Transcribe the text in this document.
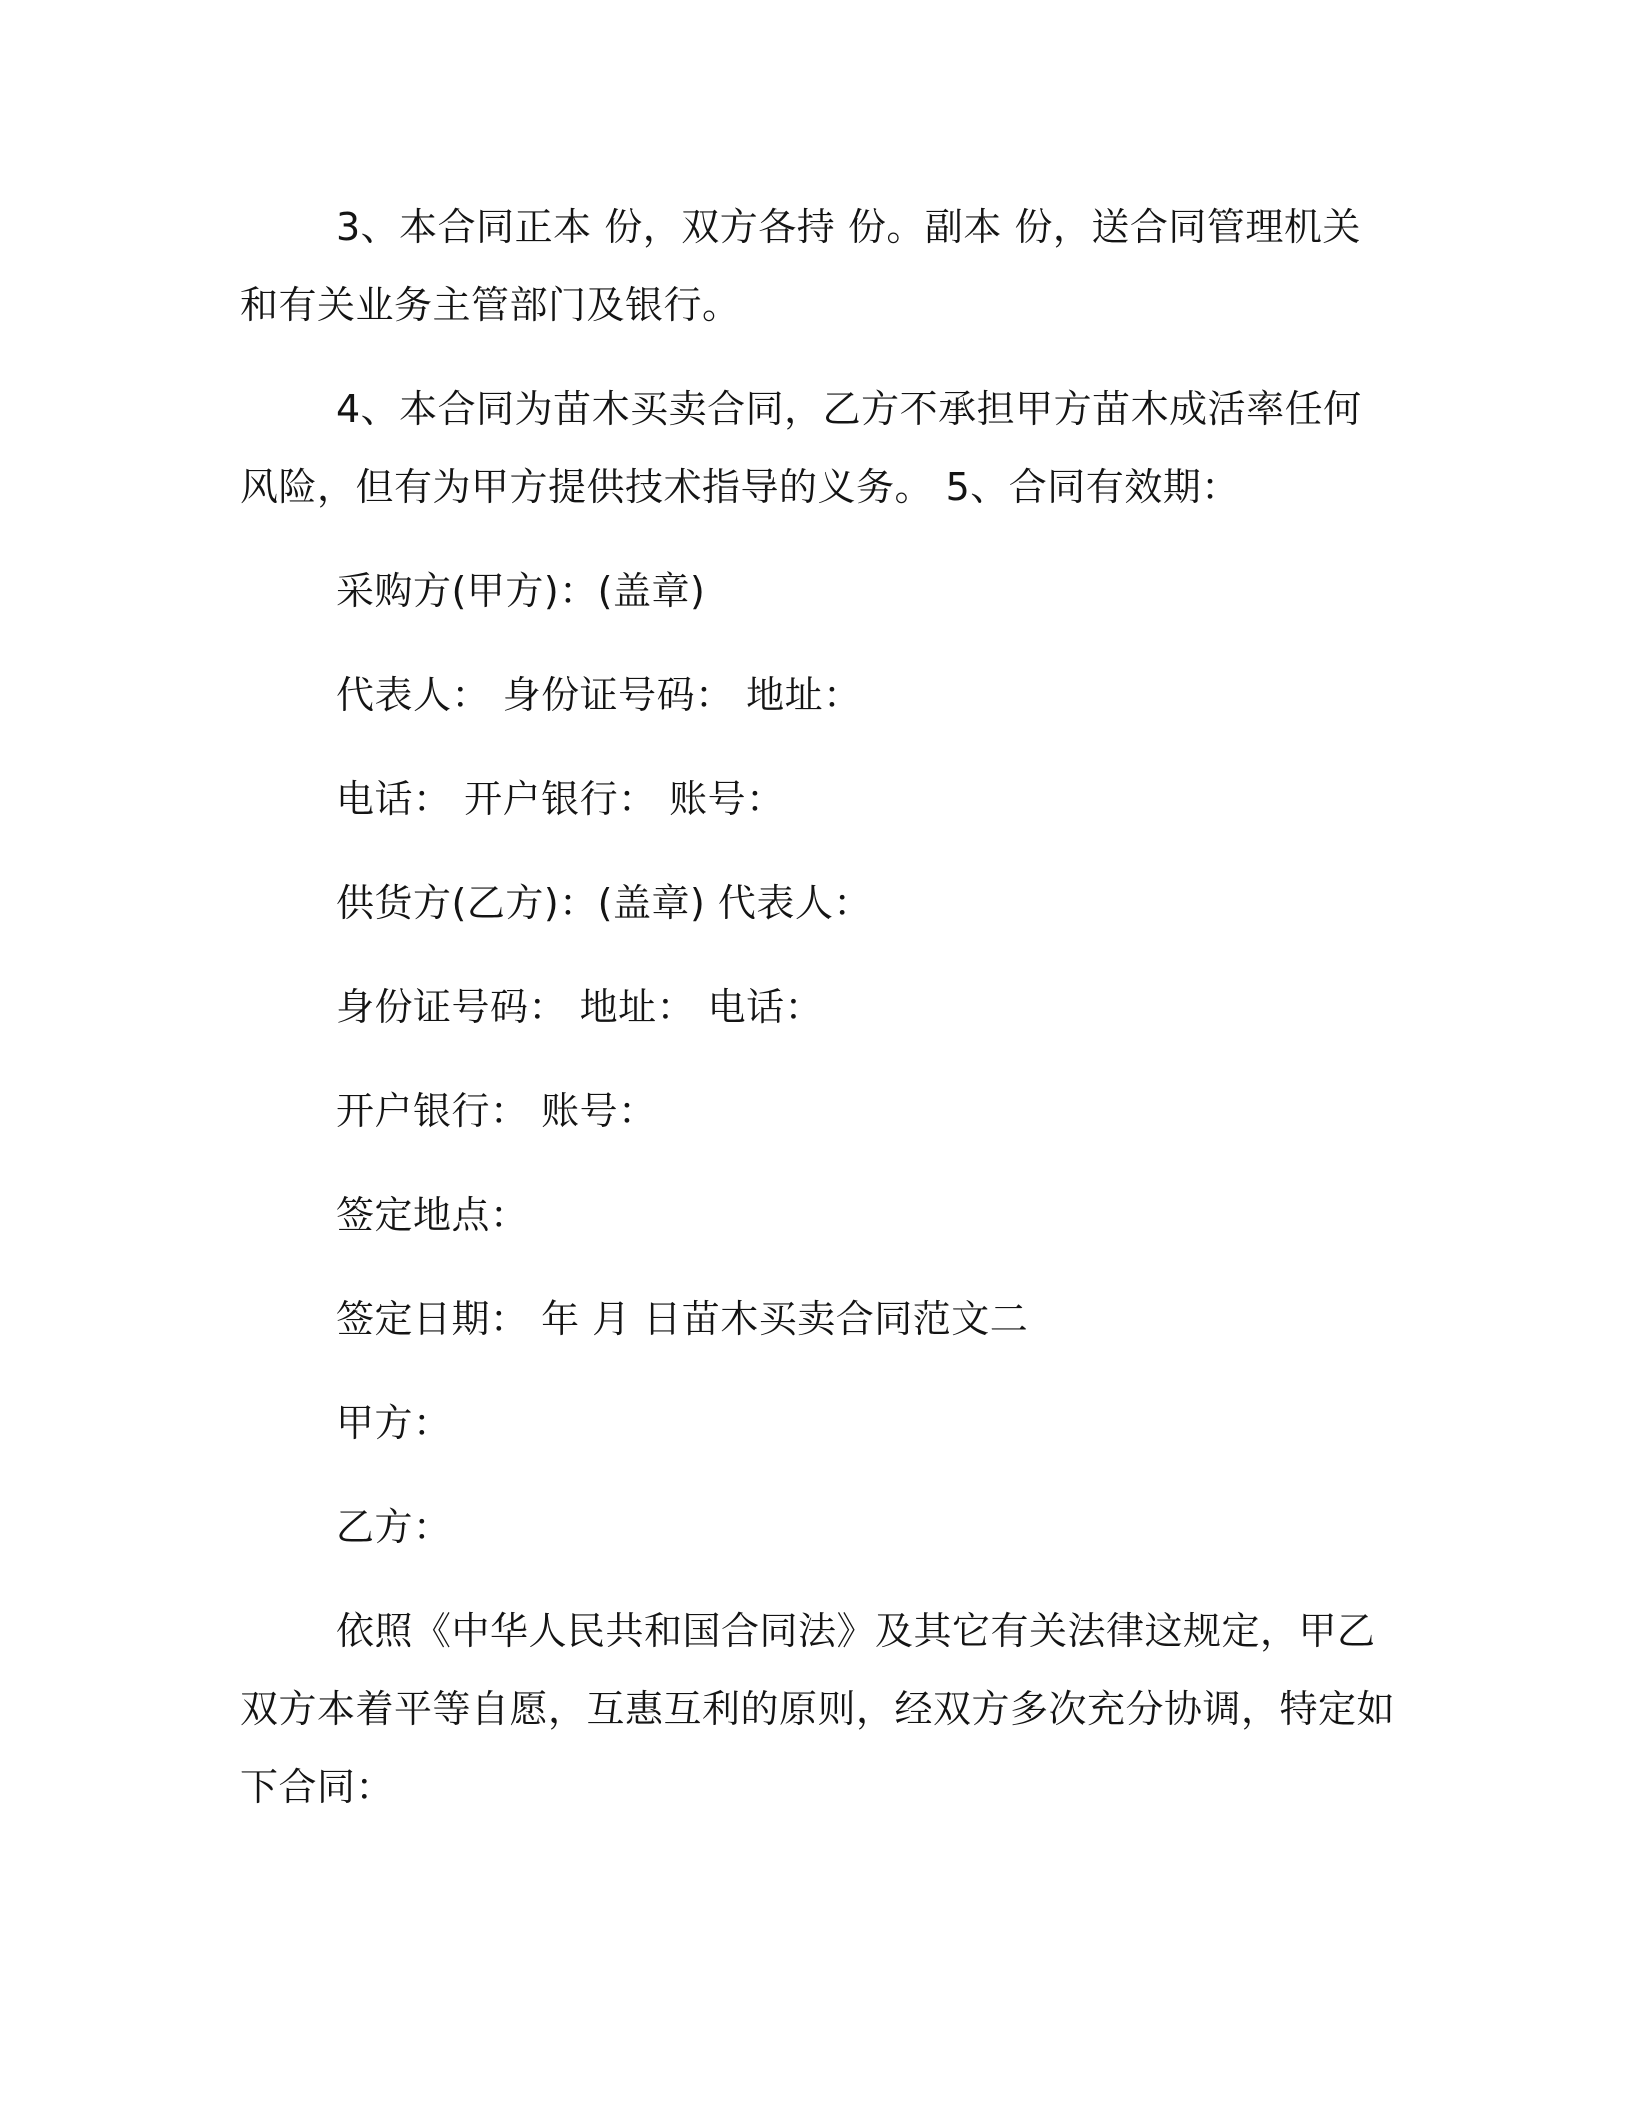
3、本合同正本 份，双方各持 份。副本 份，送合同管理机关和有关业务主管部门及银行。

4、本合同为苗木买卖合同，乙方不承担甲方苗木成活率任何风险，但有为甲方提供技术指导的义务。 5、合同有效期：

采购方(甲方)：(盖章)

代表人： 身份证号码： 地址：

电话： 开户银行： 账号：

供货方(乙方)：(盖章) 代表人：

身份证号码： 地址： 电话：

开户银行： 账号：

签定地点：

签定日期： 年 月 日苗木买卖合同范文二

甲方：

乙方：

依照《中华人民共和国合同法》及其它有关法律这规定，甲乙双方本着平等自愿，互惠互利的原则，经双方多次充分协调，特定如下合同：
